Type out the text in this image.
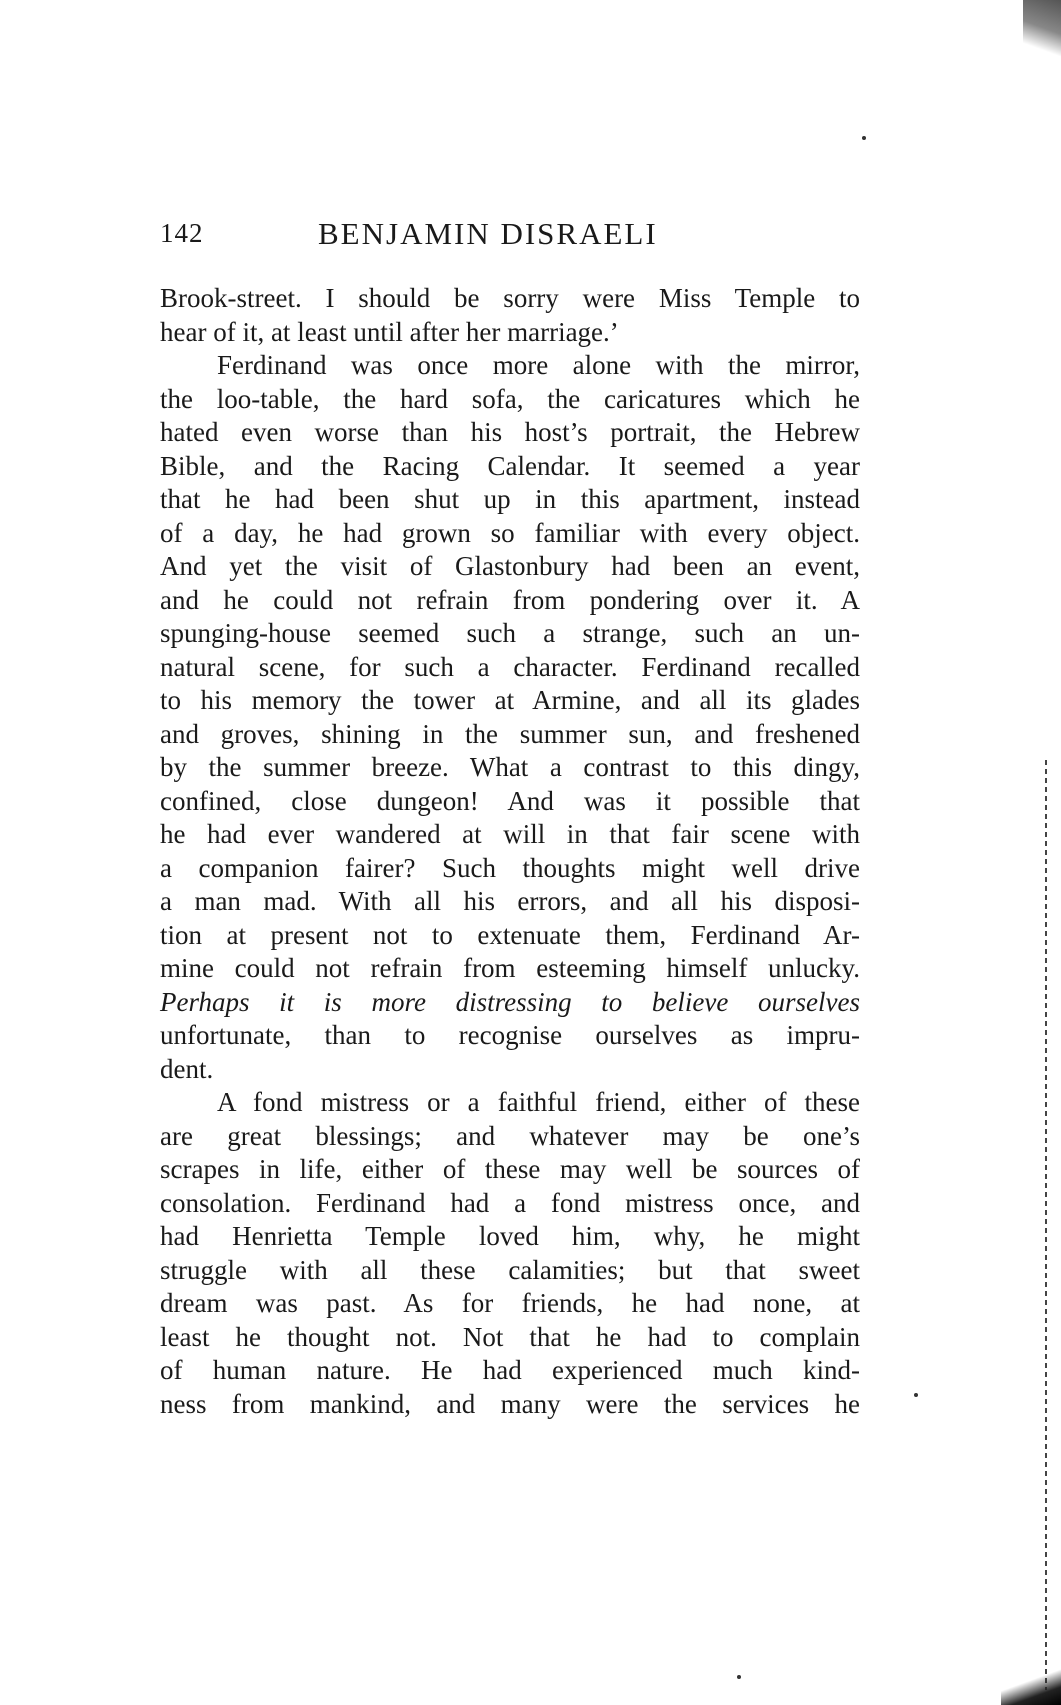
142	BENJAMIN DISRAELI
Brook-street. I should be sorry were Miss Temple to
hear of it, at least until after her marriage.’
Ferdinand was once more alone with the mirror,
the loo-table, the hard sofa, the caricatures which he
hated even worse than his host’s portrait, the Hebrew
Bible, and the Racing Calendar. It seemed a year
that he had been shut up in this apartment, instead
of a day, he had grown so familiar with every object.
And yet the visit of Glastonbury had been an event,
and he could not refrain from pondering over it. A
spunging-house seemed such a strange, such an un-
natural scene, for such a character. Ferdinand recalled
to his memory the tower at Armine, and all its glades
and groves, shining in the summer sun, and freshened
by the summer breeze. What a contrast to this dingy,
confined, close dungeon! And was it possible that
he had ever wandered at will in that fair scene with
a companion fairer? Such thoughts might well drive
a man mad. With all his errors, and all his disposi-
tion at present not to extenuate them, Ferdinand Ar-
mine could not refrain from esteeming himself unlucky.
Perhaps it is more distressing to believe ourselves
unfortunate, than to recognise ourselves as impru-
dent.
A fond mistress or a faithful friend, either of these
are great blessings; and whatever may be one’s
scrapes in life, either of these may well be sources of
consolation. Ferdinand had a fond mistress once, and
had Henrietta Temple loved him, why, he might
struggle with all these calamities; but that sweet
dream was past. As for friends, he had none, at
least he thought not. Not that he had to complain
of human nature. He had experienced much kind-
ness from mankind, and many were the services he
